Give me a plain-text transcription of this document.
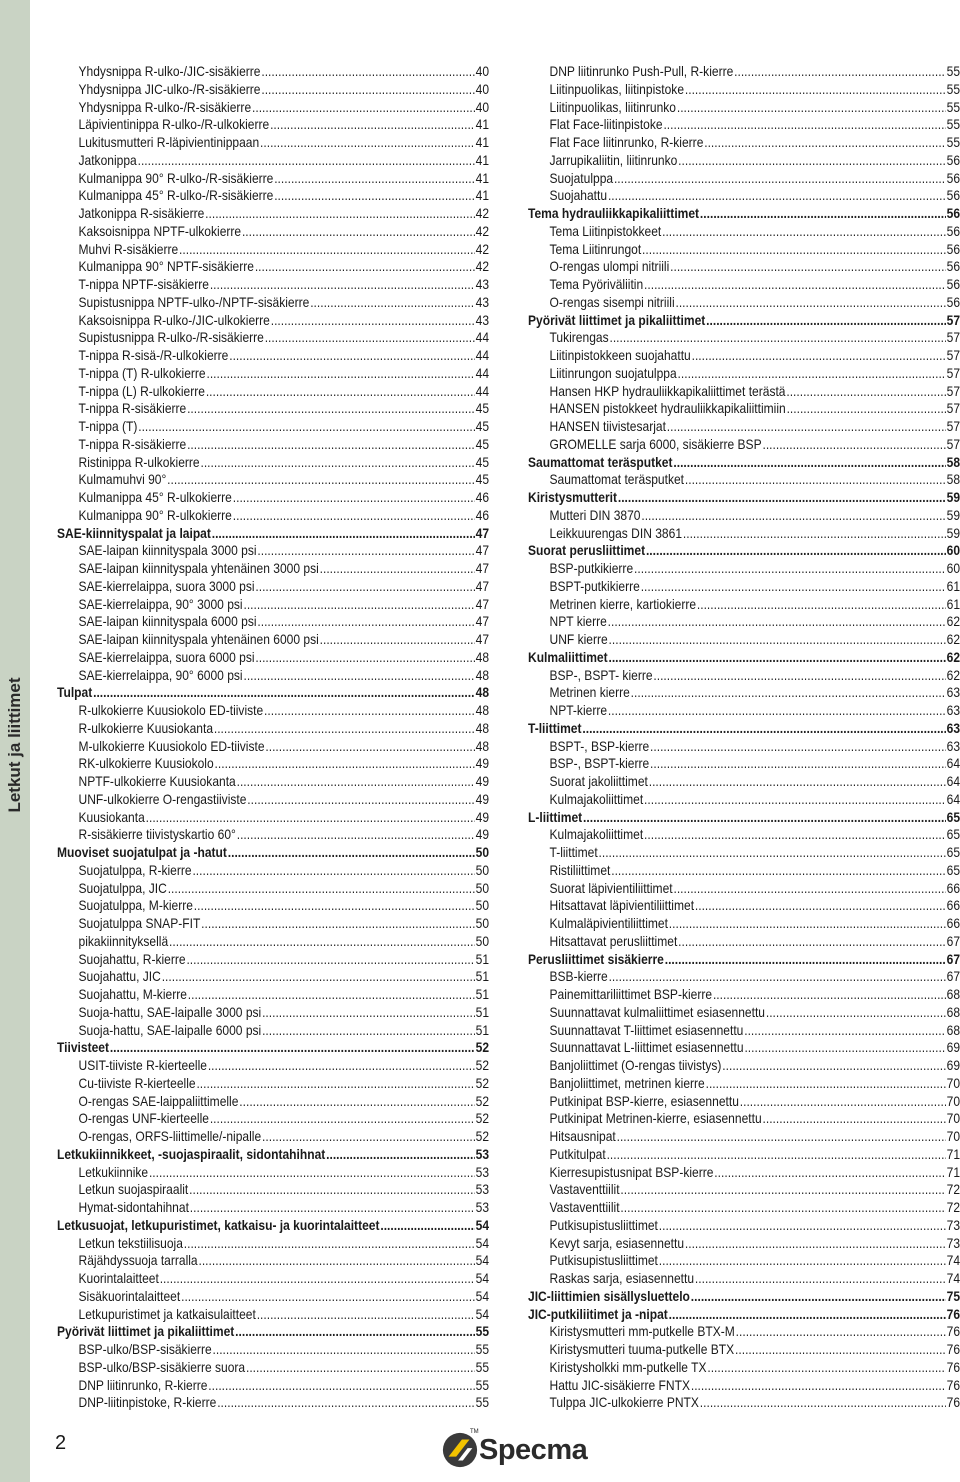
Letkut ja liittimet
Yhdysnippa R-ulko-/JIC-sisäkierre .....	40
Yhdysnippa JIC-ulko-/R-sisäkierre .....	40
Yhdysnippa R-ulko-/R-sisäkierre .....	40
Läpivientinippa R-ulko-/R-ulkokierre .....	41
Lukitusmutteri R-läpivientinippaan .....	41
Jatkonippa .....	41
Kulmanippa 90° R-ulko-/R-sisäkierre .....	41
Kulmanippa 45° R-ulko-/R-sisäkierre .....	41
Jatkonippa R-sisäkierre .....	42
Kaksoisnippa NPTF-ulkokierre .....	42
Muhvi R-sisäkierre .....	42
Kulmanippa 90° NPTF-sisäkierre .....	42
T-nippa NPTF-sisäkierre .....	43
Supistusnippa NPTF-ulko-/NPTF-sisäkierre .....	43
Kaksoisnippa R-ulko-/JIC-ulkokierre .....	43
Supistusnippa R-ulko-/R-sisäkierre .....	44
T-nippa R-sisä-/R-ulkokierre .....	44
T-nippa (T) R-ulkokierre .....	44
T-nippa (L) R-ulkokierre .....	44
T-nippa R-sisäkierre .....	45
T-nippa (T) .....	45
T-nippa R-sisäkierre .....	45
Ristinippa R-ulkokierre .....	45
Kulmamuhvi 90° .....	45
Kulmanippa 45° R-ulkokierre .....	46
Kulmanippa 90° R-ulkokierre .....	46
SAE-kiinnityspalat ja laipat .....	47
SAE-laipan kiinnityspala 3000 psi .....	47
SAE-laipan kiinnityspala yhtenäinen 3000 psi .....	47
SAE-kierrelaippa, suora 3000 psi .....	47
SAE-kierrelaippa, 90° 3000 psi .....	47
SAE-laipan kiinnityspala 6000 psi .....	47
SAE-laipan kiinnityspala yhtenäinen 6000 psi .....	47
SAE-kierrelaippa, suora 6000 psi .....	48
SAE-kierrelaippa, 90° 6000 psi .....	48
Tulpat .....	48
R-ulkokierre Kuusiokolo ED-tiiviste .....	48
R-ulkokierre Kuusiokanta .....	48
M-ulkokierre Kuusiokolo ED-tiiviste .....	48
RK-ulkokierre Kuusiokolo .....	49
NPTF-ulkokierre Kuusiokanta .....	49
UNF-ulkokierre O-rengastiiviste .....	49
Kuusiokanta .....	49
R-sisäkierre tiivistyskartio 60° .....	49
Muoviset suojatulpat ja -hatut .....	50
Suojatulppa, R-kierre .....	50
Suojatulppa, JIC .....	50
Suojatulppa, M-kierre .....	50
Suojatulppa SNAP-FIT .....	50
pikakiinnityksellä .....	50
Suojahattu, R-kierre .....	51
Suojahattu, JIC .....	51
Suojahattu, M-kierre .....	51
Suoja-hattu, SAE-laipalle 3000 psi .....	51
Suoja-hattu, SAE-laipalle 6000 psi .....	51
Tiivisteet .....	52
USIT-tiiviste R-kierteelle .....	52
Cu-tiiviste R-kierteelle .....	52
O-rengas SAE-laippaliittimelle .....	52
O-rengas UNF-kierteelle .....	52
O-rengas, ORFS-liittimelle/-nipalle .....	52
Letkukiinnikkeet, -suojaspiraalit, sidontahihnat .....	53
Letkukiinnike .....	53
Letkun suojaspiraalit .....	53
Hymat-sidontahihnat .....	53
Letkusuojat, letkupuristimet, katkaisu- ja kuorintalaitteet .....	54
Letkun tekstiilisuoja .....	54
Räjähdyssuoja tarralla .....	54
Kuorintalaitteet .....	54
Sisäkuorintalaitteet .....	54
Letkupuristimet ja katkaisulaitteet .....	54
Pyörivät liittimet ja pikaliittimet .....	55
BSP-ulko/BSP-sisäkierre .....	55
BSP-ulko/BSP-sisäkierre suora .....	55
DNP liitinrunko, R-kierre .....	55
DNP-liitinpistoke, R-kierre .....	55
DNP liitinrunko Push-Pull, R-kierre .....	55
Liitinpuolikas, liitinpistoke .....	55
Liitinpuolikas, liitinrunko .....	55
Flat Face-liitinpistoke .....	55
Flat Face liitinrunko, R-kierre .....	55
Jarrupikaliitin, liitinrunko .....	56
Suojatulppa .....	56
Suojahattu .....	56
Tema hydrauliikkapikaliittimet .....	56
Tema Liitinpistokkeet .....	56
Tema Liitinrungot .....	56
O-rengas ulompi nitriili .....	56
Tema Pyöriväliitin .....	56
O-rengas sisempi nitriili .....	56
Pyörivät liittimet ja pikaliittimet .....	57
Tukirengas .....	57
Liitinpistokkeen suojahattu .....	57
Liitinrungon suojatulppa .....	57
Hansen HKP hydrauliikkapikaliittimet terästä .....	57
HANSEN pistokkeet hydrauliikkapikaliittimiin .....	57
HANSEN tiivistesarjat .....	57
GROMELLE sarja 6000, sisäkierre BSP .....	57
Saumattomat teräsputket .....	58
Saumattomat teräsputket .....	58
Kiristysmutterit .....	59
Mutteri DIN 3870 .....	59
Leikkuurengas DIN 3861 .....	59
Suorat perusliittimet .....	60
BSP-putkikierre .....	60
BSPT-putkikierre .....	61
Metrinen kierre, kartiokierre .....	61
NPT kierre .....	62
UNF kierre .....	62
Kulmaliittimet .....	62
BSP-, BSPT- kierre .....	62
Metrinen kierre .....	63
NPT-kierre .....	63
T-liittimet .....	63
BSPT-, BSP-kierre .....	63
BSP-, BSPT-kierre .....	64
Suorat jakoliittimet .....	64
Kulmajakoliittimet .....	64
L-liittimet .....	65
Kulmajakoliittimet .....	65
T-liittimet .....	65
Ristiliittimet .....	65
Suorat läpivientiliittimet .....	66
Hitsattavat läpivientiliittimet .....	66
Kulmaläpivientiliittimet .....	66
Hitsattavat perusliittimet .....	67
Perusliittimet sisäkierre .....	67
BSB-kierre .....	67
Painemittariliittimet BSP-kierre .....	68
Suunnattavat kulmaliittimet esiasennettu .....	68
Suunnattavat T-liittimet esiasennettu .....	68
Suunnattavat L-liittimet esiasennettu .....	69
Banjoliittimet (O-rengas tiivistys) .....	69
Banjoliittimet, metrinen kierre .....	70
Putkinipat BSP-kierre, esiasennettu .....	70
Putkinipat Metrinen-kierre, esiasennettu .....	70
Hitsausnipat .....	70
Putkitulpat .....	71
Kierresupistusnipat BSP-kierre .....	71
Vastaventtiilit .....	72
Vastaventtiilit .....	72
Putkisupistusliittimet .....	73
Kevyt sarja, esiasennettu .....	73
Putkisupistusliittimet .....	74
Raskas sarja, esiasennettu .....	74
JIC-liittimien sisällysluettelo .....	75
JIC-putkiliitimet ja -nipat .....	76
Kiristysmutteri mm-putkelle BTX-M .....	76
Kiristysmutteri tuuma-putkelle BTX .....	76
Kiristysholkki mm-putkelle TX .....	76
Hattu JIC-sisäkierre FNTX .....	76
Tulppa JIC-ulkokierre PNTX .....	76
2	Specma
TM
